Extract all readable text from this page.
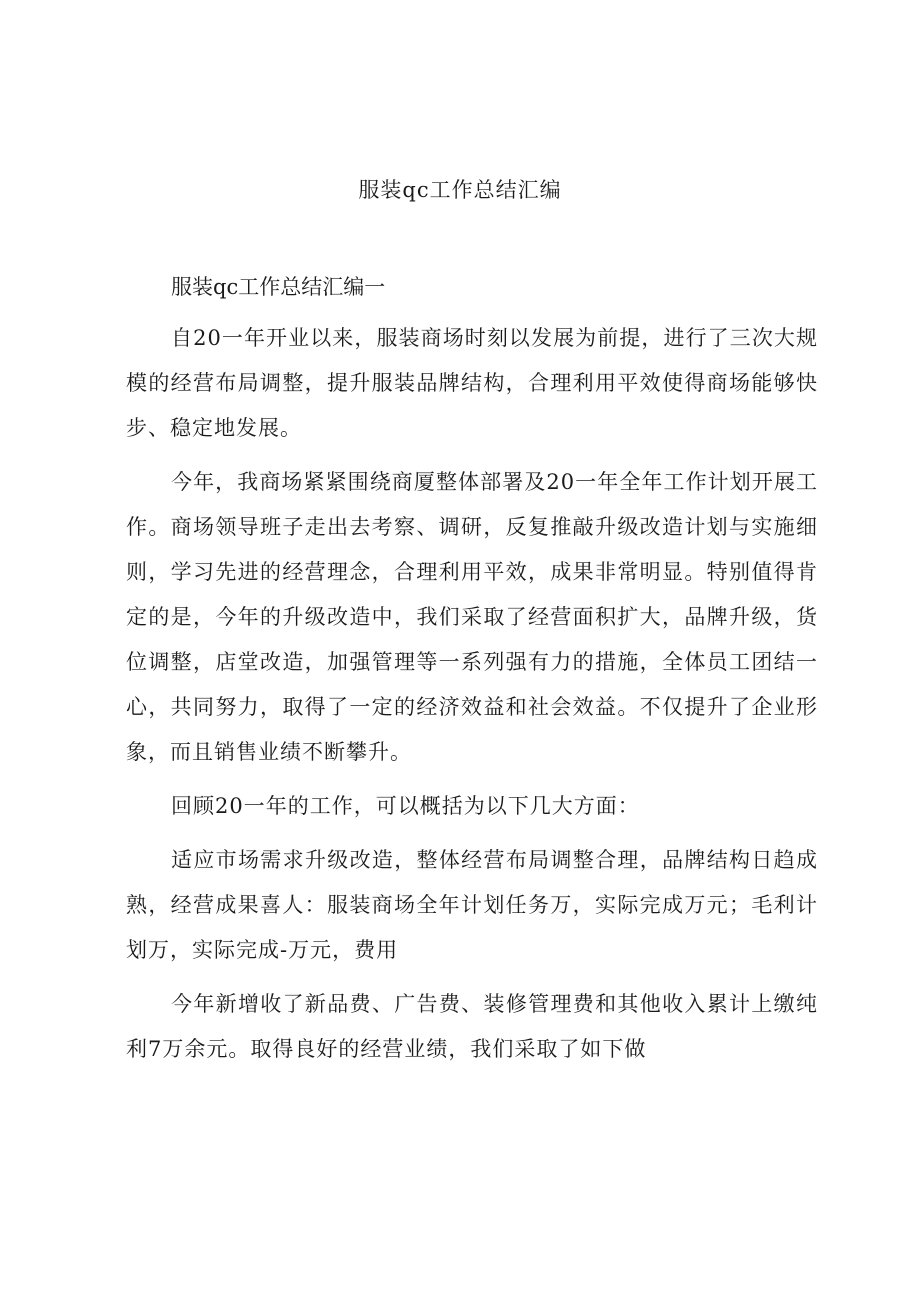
服装qc工作总结汇编

服装qc工作总结汇编一

自20一年开业以来，服装商场时刻以发展为前提，进行了三次大规模的经营布局调整，提升服装品牌结构，合理利用平效使得商场能够快步、稳定地发展。

今年，我商场紧紧围绕商厦整体部署及20一年全年工作计划开展工作。商场领导班子走出去考察、调研，反复推敲升级改造计划与实施细则，学习先进的经营理念，合理利用平效，成果非常明显。特别值得肯定的是，今年的升级改造中，我们采取了经营面积扩大，品牌升级，货位调整，店堂改造，加强管理等一系列强有力的措施，全体员工团结一心，共同努力，取得了一定的经济效益和社会效益。不仅提升了企业形象，而且销售业绩不断攀升。

回顾20一年的工作，可以概括为以下几大方面：

适应市场需求升级改造，整体经营布局调整合理，品牌结构日趋成熟，经营成果喜人：服装商场全年计划任务万，实际完成万元；毛利计划万，实际完成-万元，费用

今年新增收了新品费、广告费、装修管理费和其他收入累计上缴纯利7万余元。取得良好的经营业绩，我们采取了如下做
